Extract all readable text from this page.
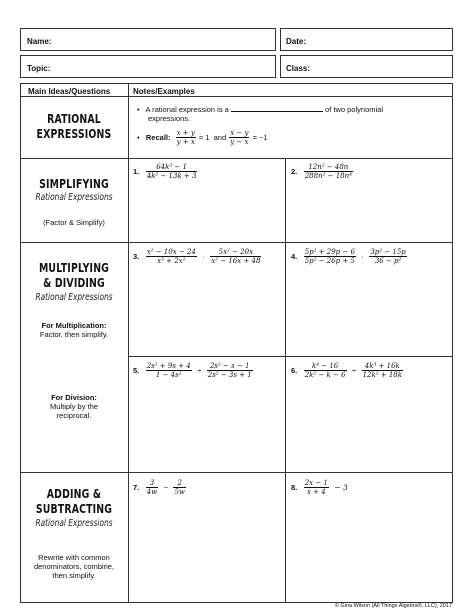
Name:	Date:
Topic:	Class:
Main Ideas/Questions	Notes/Examples
RATIONAL
EXPRESSIONS
•   A rational expression is a	of two polynomial
expressions.
•   Recall: $\frac{x + y}{y + x} = 1$ and $\frac{x - y}{y - x} = -1$
SIMPLIFYING
Rational Expressions
(Factor & Simplify)
1. $\frac{\text{64k³ − 1}}{\text{4k² − 13k + 3}}$	2. $\frac{\text{12n² − 48n}}{\text{288n² − 18n⁴}}$
MULTIPLYING
& DIVIDING
Rational Expressions
For Multiplication:
Factor, then simplify.
For Division:
Multiply by the
reciprocal.
3. $\frac{\text{x² − 10x − 24}}{\text{x³ + 2x²}} \cdot \frac{\text{5x² − 20x}}{\text{x² − 16x + 48}}$	4. $\frac{\text{5p² + 29p − 6}}{\text{5p² − 26p + 5}} \cdot \frac{\text{3p² − 15p}}{\text{36 − p²}}$
5. $\frac{\text{2s² + 9s + 4}}{\text{1 − 4s²}} \div \frac{\text{2s² − s − 1}}{\text{2s² − 3s + 1}}$	6. $\frac{\text{k⁴ − 16}}{\text{2k² − k − 6}} \div \frac{\text{4k³ + 16k}}{\text{12k² + 18k}}$
ADDING &
SUBTRACTING
Rational Expressions
Rewrite with common
denominators, combine,
then simplify.
7. $\frac{3}{4w} - \frac{2}{5w}$	8. $\frac{2x - 1}{x + 4} - 3$
© Gina Wilson (All Things Algebra®, LLC), 2017
